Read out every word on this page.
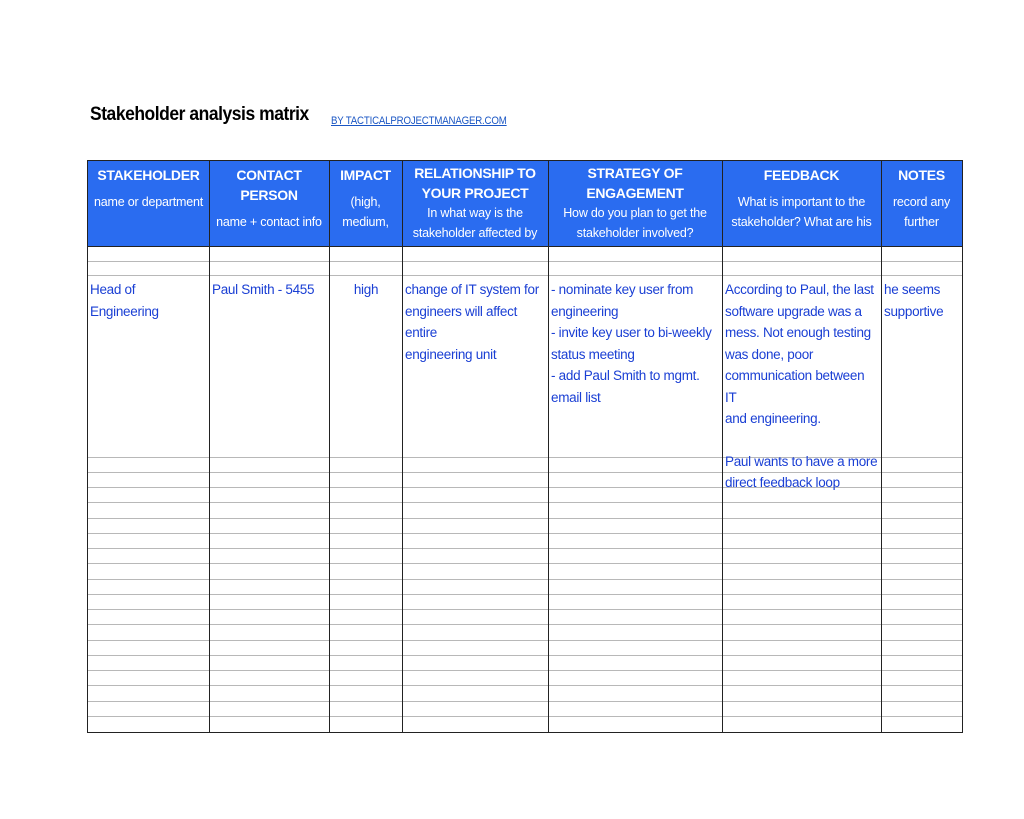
Stakeholder analysis matrix BY TACTICALPROJECTMANAGER.COM
STAKEHOLDER
name or department
CONTACT PERSON
name + contact info
IMPACT
(high,
medium,
RELATIONSHIP TO
YOUR PROJECT
In what way is the
stakeholder affected by
STRATEGY OF
ENGAGEMENT
How do you plan to get the
stakeholder involved?
FEEDBACK
What is important to the
stakeholder? What are his
NOTES
record any
further

Head of Engineering

Paul Smith - 5455	high	change of IT system for

engineers will affect entire

engineering unit

- nominate key user from

engineering

- invite key user to bi-weekly

status meeting

- add Paul Smith to mgmt.

email list

According to Paul, the last

software upgrade was a

mess. Not enough testing

was done, poor

communication between IT

and engineering.

Paul wants to have a more

direct feedback loop

he seems

supportive
